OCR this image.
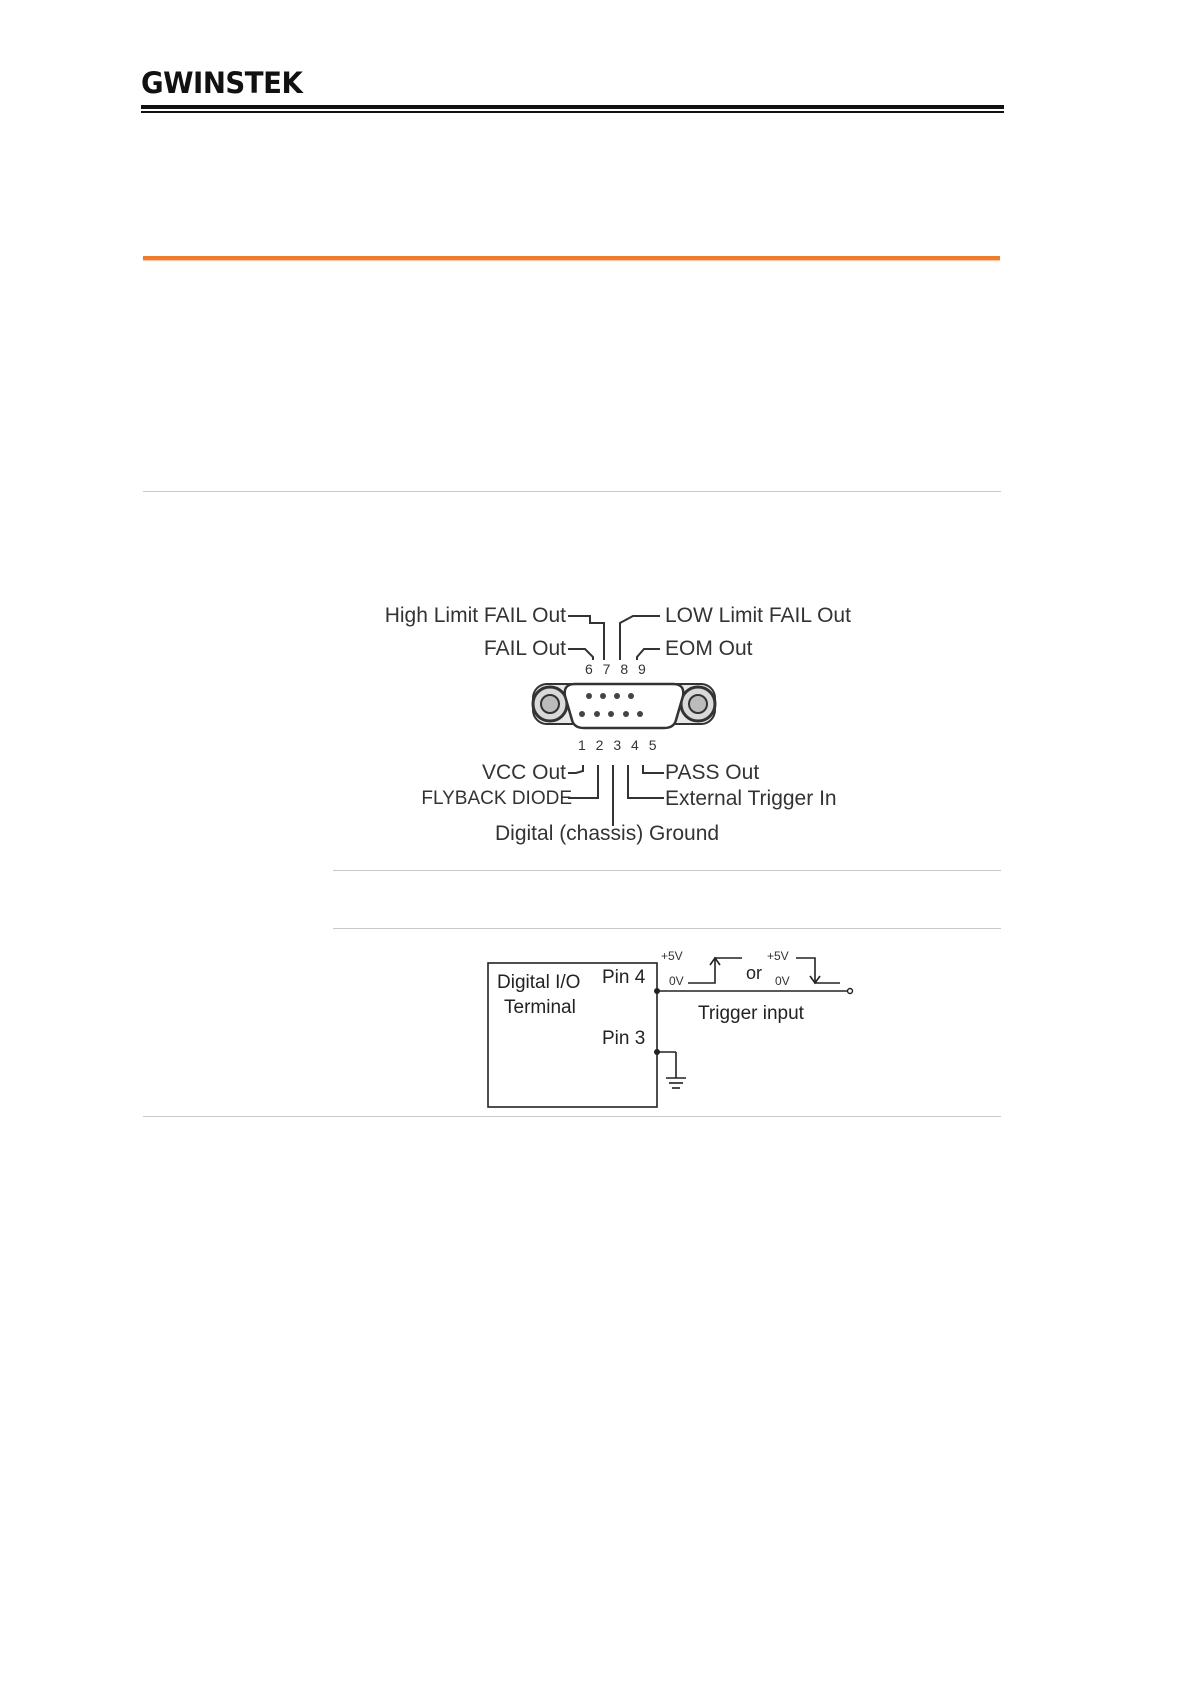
GWINSTEK
High Limit FAIL Out
FAIL Out
LOW Limit FAIL Out
EOM Out
6 7 8 9
1 2 3 4 5
VCC Out
FLYBACK DIODE
PASS Out
External Trigger In
Digital (chassis) Ground
Digital I/O
Terminal
Pin 4
Pin 3
+5V
0V	or
+5V
0V
Trigger input
